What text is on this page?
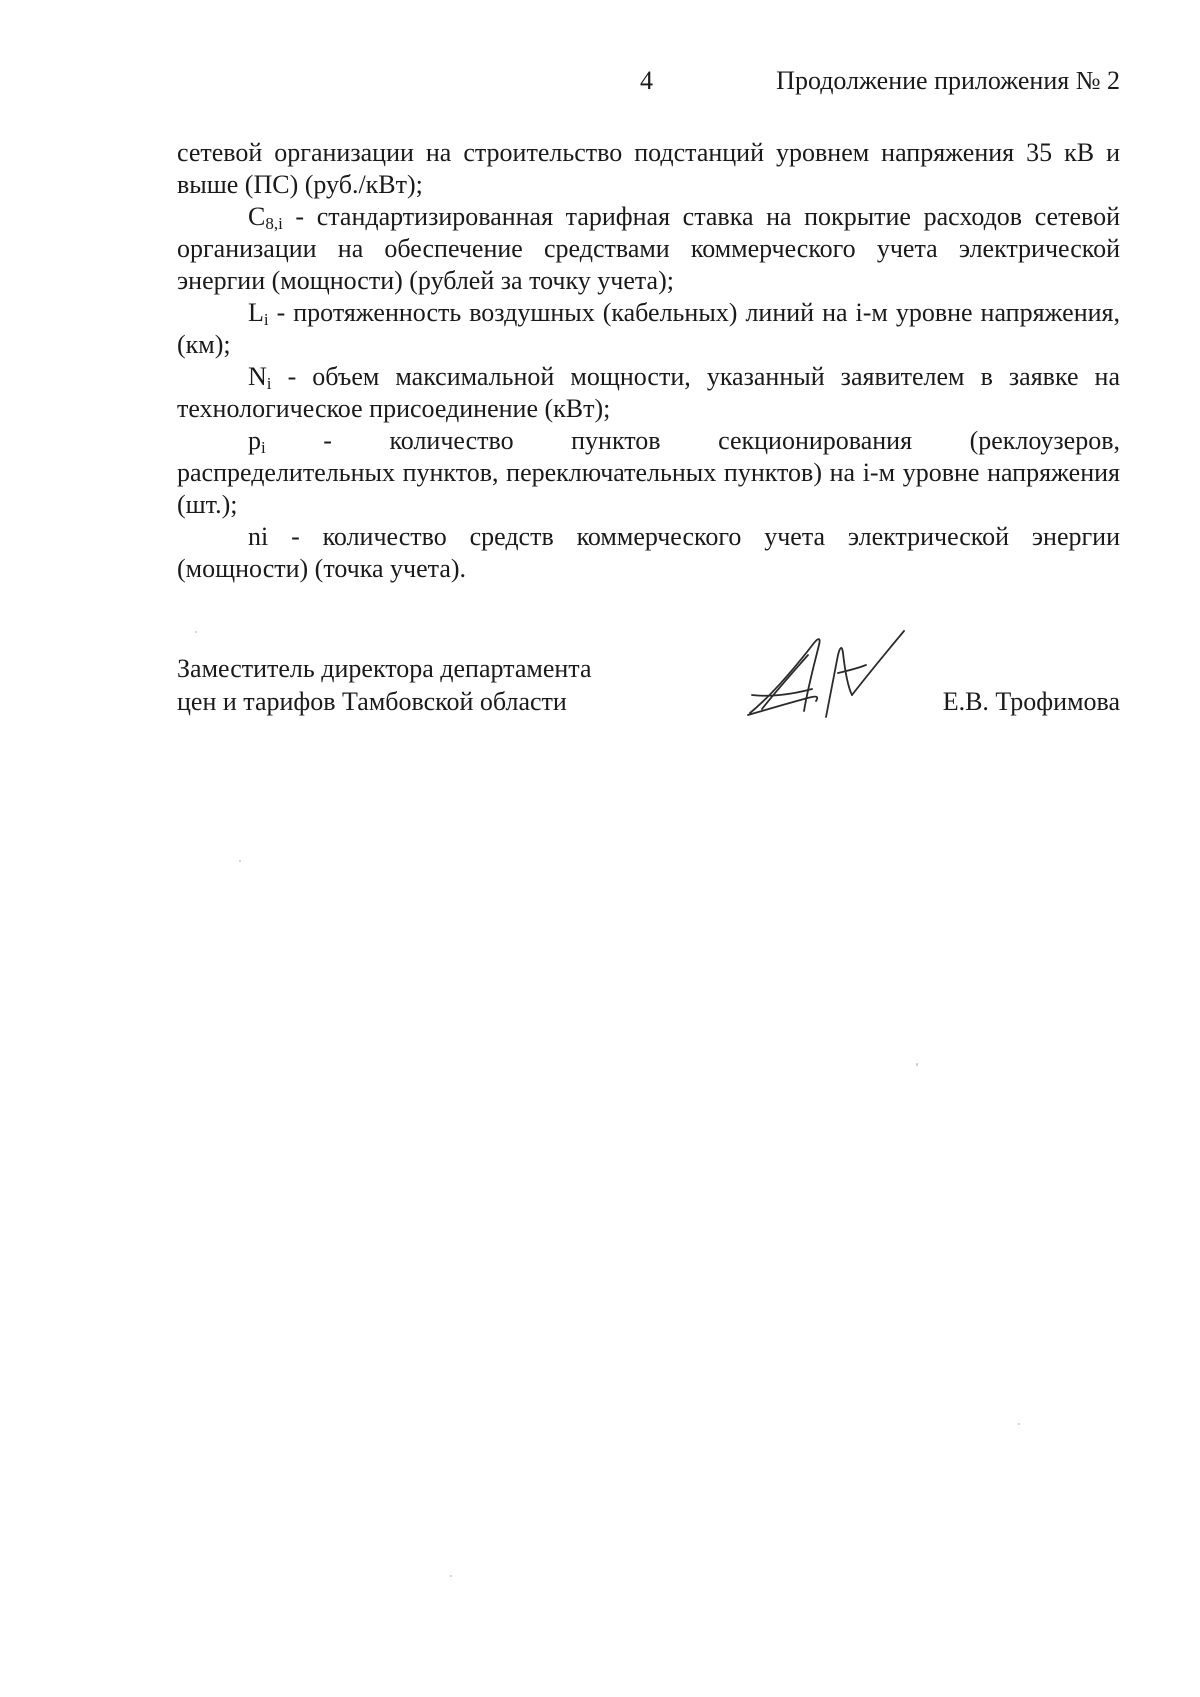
4	Продолжение приложения № 2

сетевой организации на строительство подстанций уровнем напряжения 35 кВ и выше (ПС) (руб./кВт);

$С_{8,i}$ - стандартизированная тарифная ставка на покрытие расходов сетевой организации на обеспечение средствами коммерческого учета электрической энергии (мощности) (рублей за точку учета);

$L_i$ - протяженность воздушных (кабельных) линий на i-м уровне напряжения, (км);

$N_i$ - объем максимальной мощности, указанный заявителем в заявке на технологическое присоединение (кВт);

$p_i$ - количество пунктов секционирования (реклоузеров,

распределительных пунктов, переключательных пунктов) на i-м уровне напряжения (шт.);

ni - количество средств коммерческого учета электрической энергии (мощности) (точка учета).

Заместитель директора департамента
цен и тарифов Тамбовской области	Е.В. Трофимова
